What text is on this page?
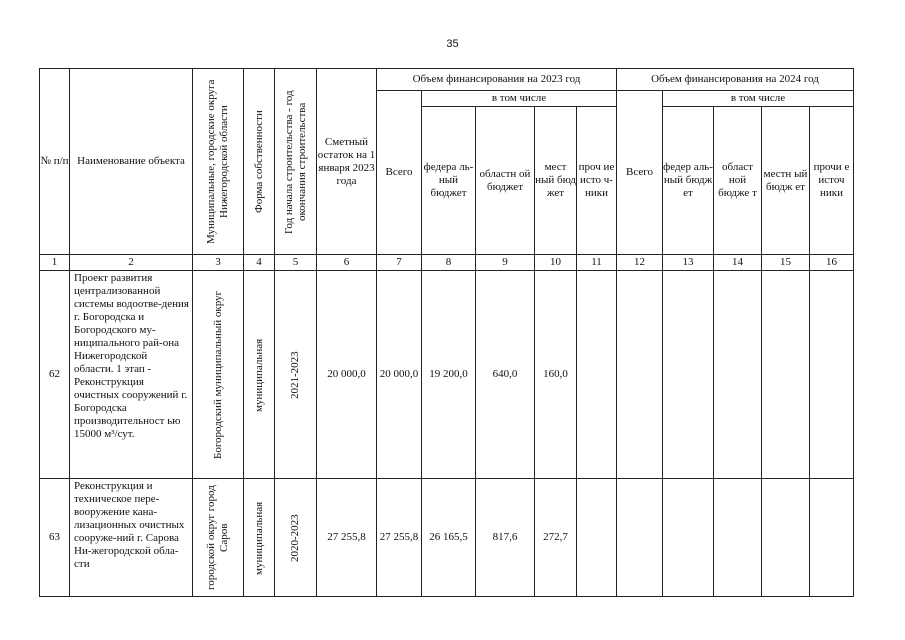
35
№ п/п	Наименование объекта	Муниципальные, городские округа Нижегородской области	Форма собственности	Год начала строительства - год окончания строительства	Сметный остаток на 1 января 2023 года	Объем финансирования на 2023 год					Объем финансирования на 2024 год				
						Всего	в том числе				Всего	в том числе			
							федера ль-ный бюджет	областн ой бюджет	мест ный бюд жет	проч ие исто ч- ники		федер аль- ный бюдж ет	област ной бюдже т	местн ый бюдж ет	прочи е источ ники
1	2	3	4	5	6	7	8	9	10	11	12	13	14	15	16
62	Проект развития централизованной системы водоотве-дения г. Богородска и Богородского му-ниципального рай-она Нижегородской области. 1 этап - Реконструкция очистных сооружений г. Богородска производительност ью 15000 м³/сут.	Богородский муниципальный округ	муниципальная	2021-2023	20 000,0	20 000,0	19 200,0	640,0	160,0						
63	Реконструкция и техническое пере-вооружение кана-лизационных очистных сооруже-ний г. Сарова Ни-жегородской обла-сти	городской округ город Саров	муниципальная	2020-2023	27 255,8	27 255,8	26 165,5	817,6	272,7						
